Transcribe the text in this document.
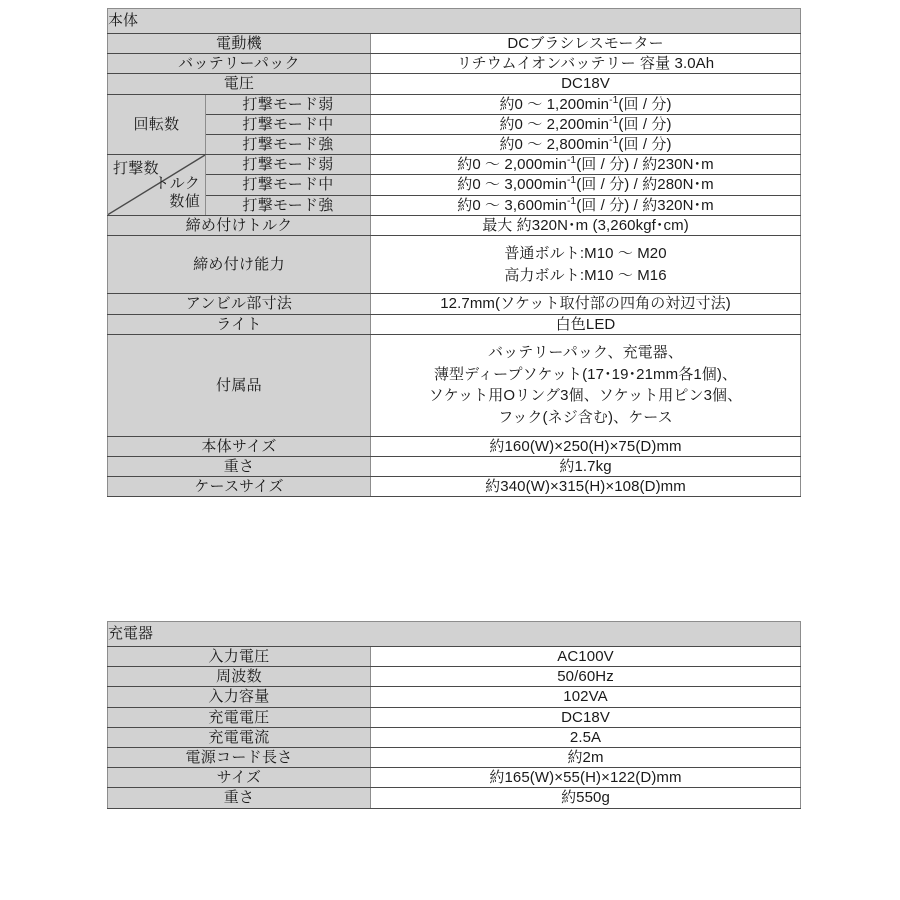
本体		
電動機		DCブラシレスモーター
バッテリーパック		リチウムイオンバッテリー 容量 3.0Ah
電圧		DC18V
回転数	打撃モード弱	約0 ～ $1,200\min^{-1}$(回 / 分)
	打撃モード中	約0 ～ $2,200\min^{-1}$(回 / 分)
	打撃モード強	約0 ～ $2,800\min^{-1}$(回 / 分)

打撃数
トルク
数値	打撃モード弱	約0 ～ $2,000\min^{-1}$(回 / 分) / 約230N･m
	打撃モード中	約0 ～ $3,000\min^{-1}$(回 / 分) / 約280N･m
	打撃モード強	約0 ～ $3,600\min^{-1}$(回 / 分) / 約320N･m
締め付けトルク		最大 約320N･m (3,260kgf･cm)
締め付け能力		普通ボルト:M10 ～ M20
高力ボルト:M10 ～ M16
アンビル部寸法		12.7mm(ソケット取付部の四角の対辺寸法)
ライト		白色LED
付属品		バッテリーパック、充電器、
薄型ディープソケット(17･19･21mm各1個)、
ソケット用Oリング3個、ソケット用ピン3個、
フック(ネジ含む)、ケース
本体サイズ		約160(W)×250(H)×75(D)mm
重さ		約1.7kg
ケースサイズ		約340(W)×315(H)×108(D)mm
充電器	
入力電圧	AC100V
周波数	50/60Hz
入力容量	102VA
充電電圧	DC18V
充電電流	2.5A
電源コード長さ	約2m
サイズ	約165(W)×55(H)×122(D)mm
重さ	約550g
